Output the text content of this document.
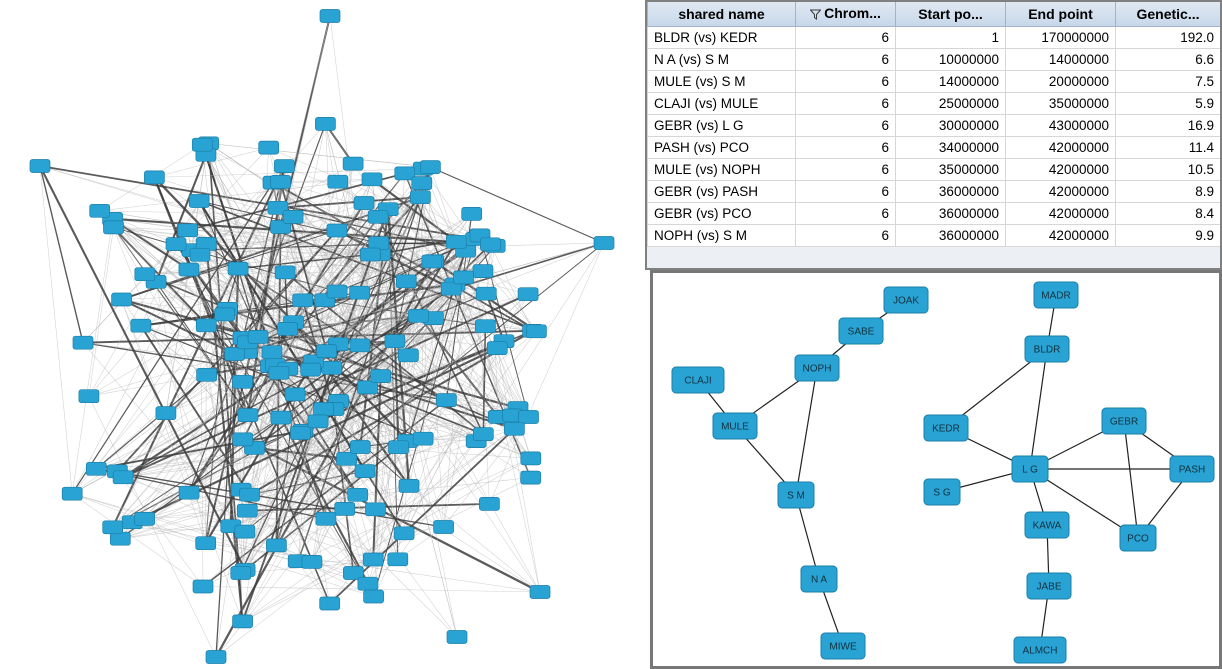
shared name	Chrom...	Start po...	End point	Genetic...
BLDR (vs) KEDR	6	1	170000000	192.0
N A (vs) S M	6	10000000	14000000	6.6
MULE (vs) S M	6	14000000	20000000	7.5
CLAJI (vs) MULE	6	25000000	35000000	5.9
GEBR (vs) L G	6	30000000	43000000	16.9
PASH (vs) PCO	6	34000000	42000000	11.4
MULE (vs) NOPH	6	35000000	42000000	10.5
GEBR (vs) PASH	6	36000000	42000000	8.9
GEBR (vs) PCO	6	36000000	42000000	8.4
NOPH (vs) S M	6	36000000	42000000	9.9
JOAK	MADR
SABE
BLDR
NOPH
CLAJI
GEBR
KEDR
MULE
L G	PASH
S G
KAWA
S M
PCO
JABE
N A
ALMCH
MIWE
